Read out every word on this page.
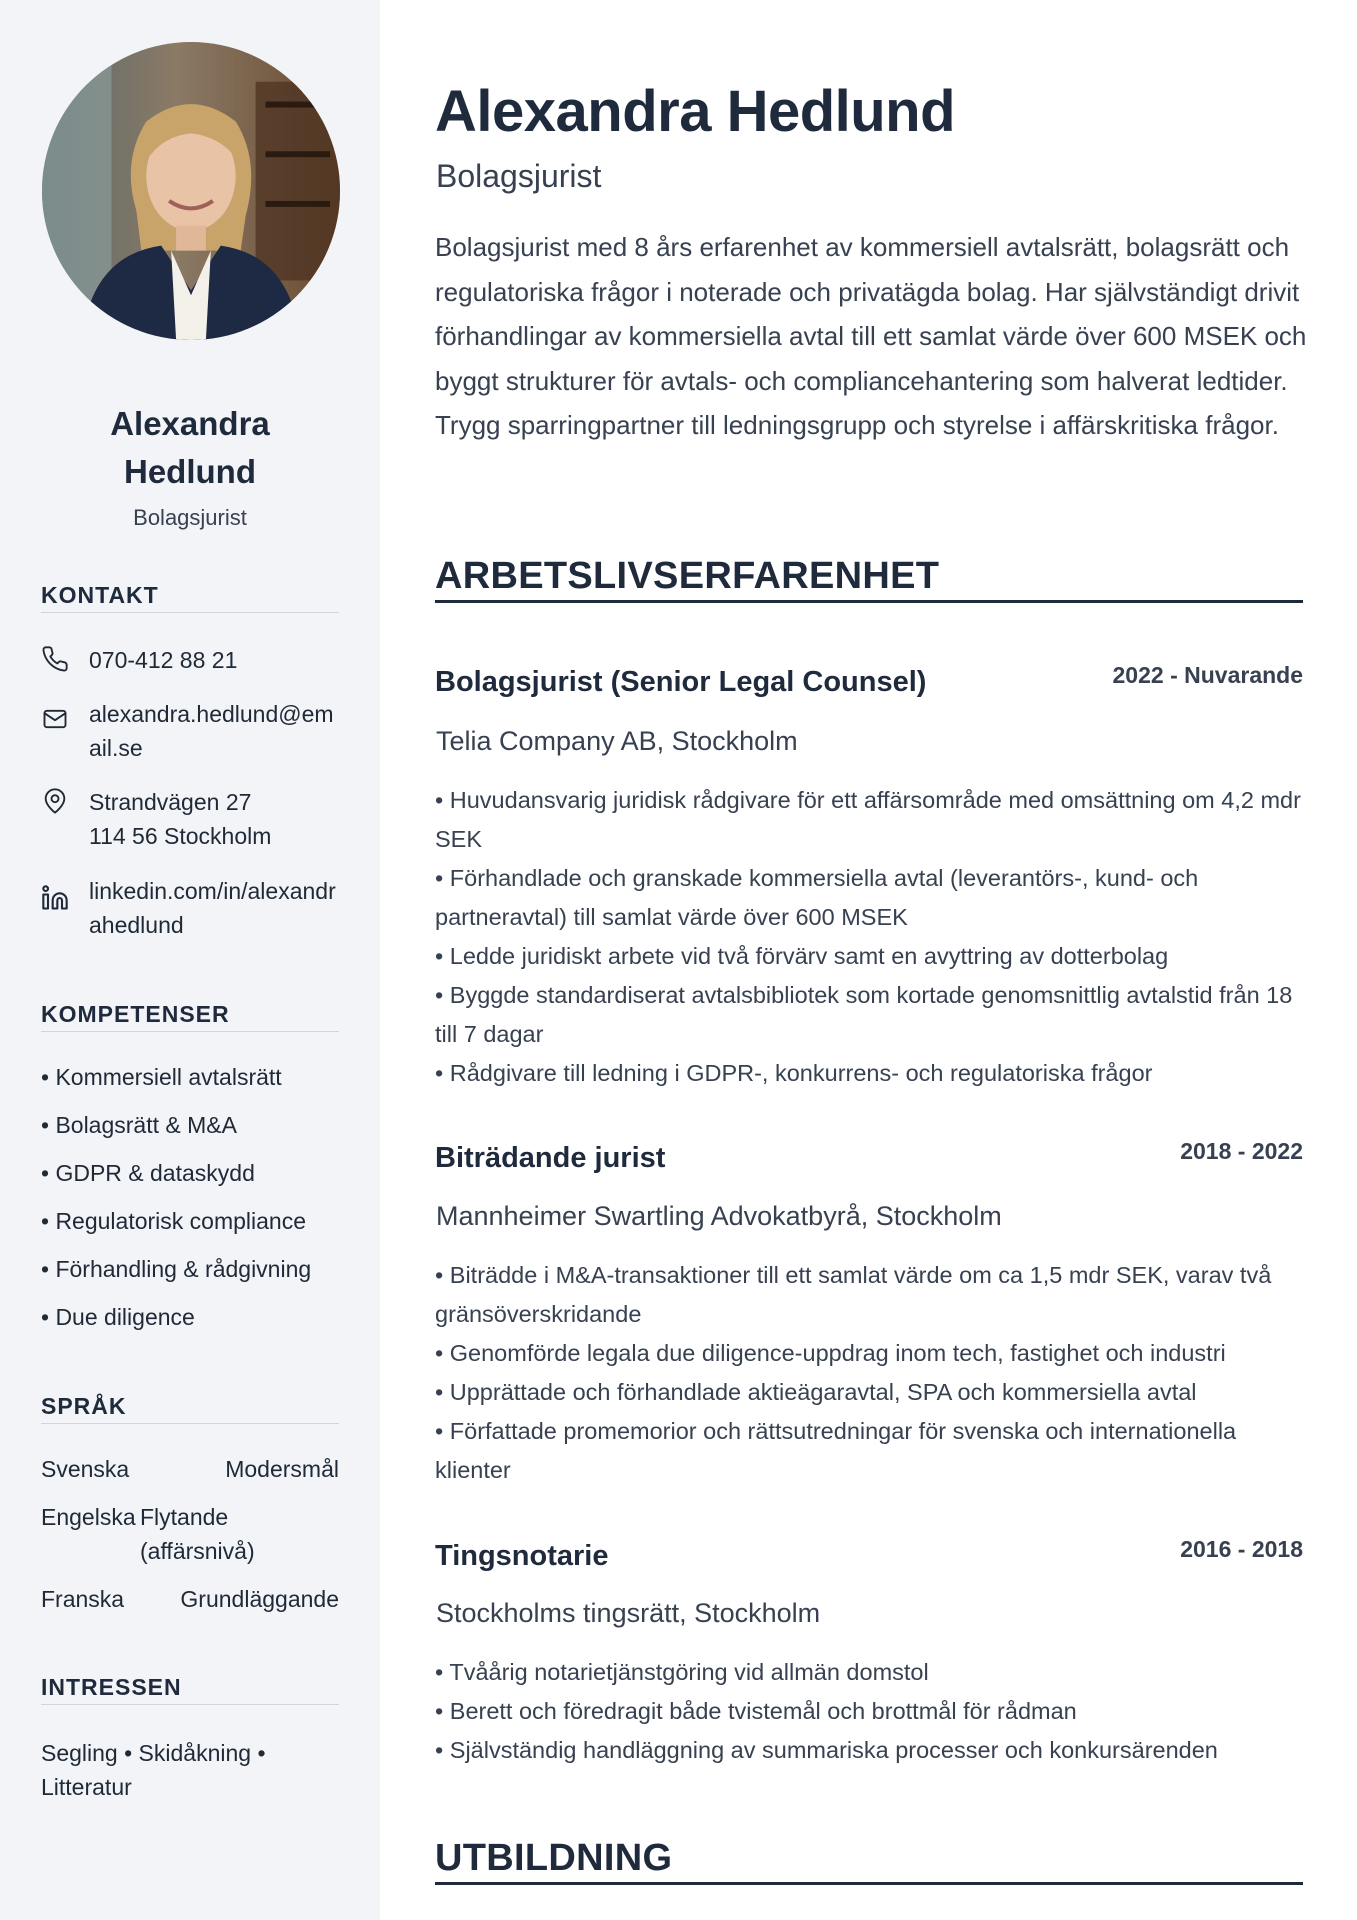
Alexandra
Hedlund
Bolagsjurist
KONTAKT
070-412 88 21
alexandra.hedlund@email.se
Strandvägen 27
114 56 Stockholm
linkedin.com/in/alexandrahedlund
KOMPETENSER
• Kommersiell avtalsrätt
• Bolagsrätt & M&A
• GDPR & dataskydd
• Regulatorisk compliance
• Förhandling & rådgivning
• Due diligence
SPRÅK
Svenska	Modersmål
Engelska Flytande
(affärsnivå)
Franska Grundläggande
INTRESSEN
Segling • Skidåkning • Litteratur
Alexandra Hedlund
Bolagsjurist

Bolagsjurist med 8 års erfarenhet av kommersiell avtalsrätt, bolagsrätt och regulatoriska frågor i noterade och privatägda bolag. Har självständigt drivit förhandlingar av kommersiella avtal till ett samlat värde över 600 MSEK och byggt strukturer för avtals- och compliancehantering som halverat ledtider. Trygg sparringpartner till ledningsgrupp och styrelse i affärskritiska frågor.

ARBETSLIVSERFARENHET
Bolagsjurist (Senior Legal Counsel)	2022 - Nuvarande
Telia Company AB, Stockholm
• Huvudansvarig juridisk rådgivare för ett affärsområde med omsättning om 4,2 mdr SEK
• Förhandlade och granskade kommersiella avtal (leverantörs-, kund- och partneravtal) till samlat värde över 600 MSEK
• Ledde juridiskt arbete vid två förvärv samt en avyttring av dotterbolag
• Byggde standardiserat avtalsbibliotek som kortade genomsnittlig avtalstid från 18 till 7 dagar
• Rådgivare till ledning i GDPR-, konkurrens- och regulatoriska frågor
Biträdande jurist	2018 - 2022
Mannheimer Swartling Advokatbyrå, Stockholm
• Biträdde i M&A-transaktioner till ett samlat värde om ca 1,5 mdr SEK, varav två gränsöverskridande
• Genomförde legala due diligence-uppdrag inom tech, fastighet och industri
• Upprättade och förhandlade aktieägaravtal, SPA och kommersiella avtal
• Författade promemorior och rättsutredningar för svenska och internationella klienter
Tingsnotarie	2016 - 2018
Stockholms tingsrätt, Stockholm
• Tvåårig notarietjänstgöring vid allmän domstol
• Berett och föredragit både tvistemål och brottmål för rådman
• Självständig handläggning av summariska processer och konkursärenden
UTBILDNING
